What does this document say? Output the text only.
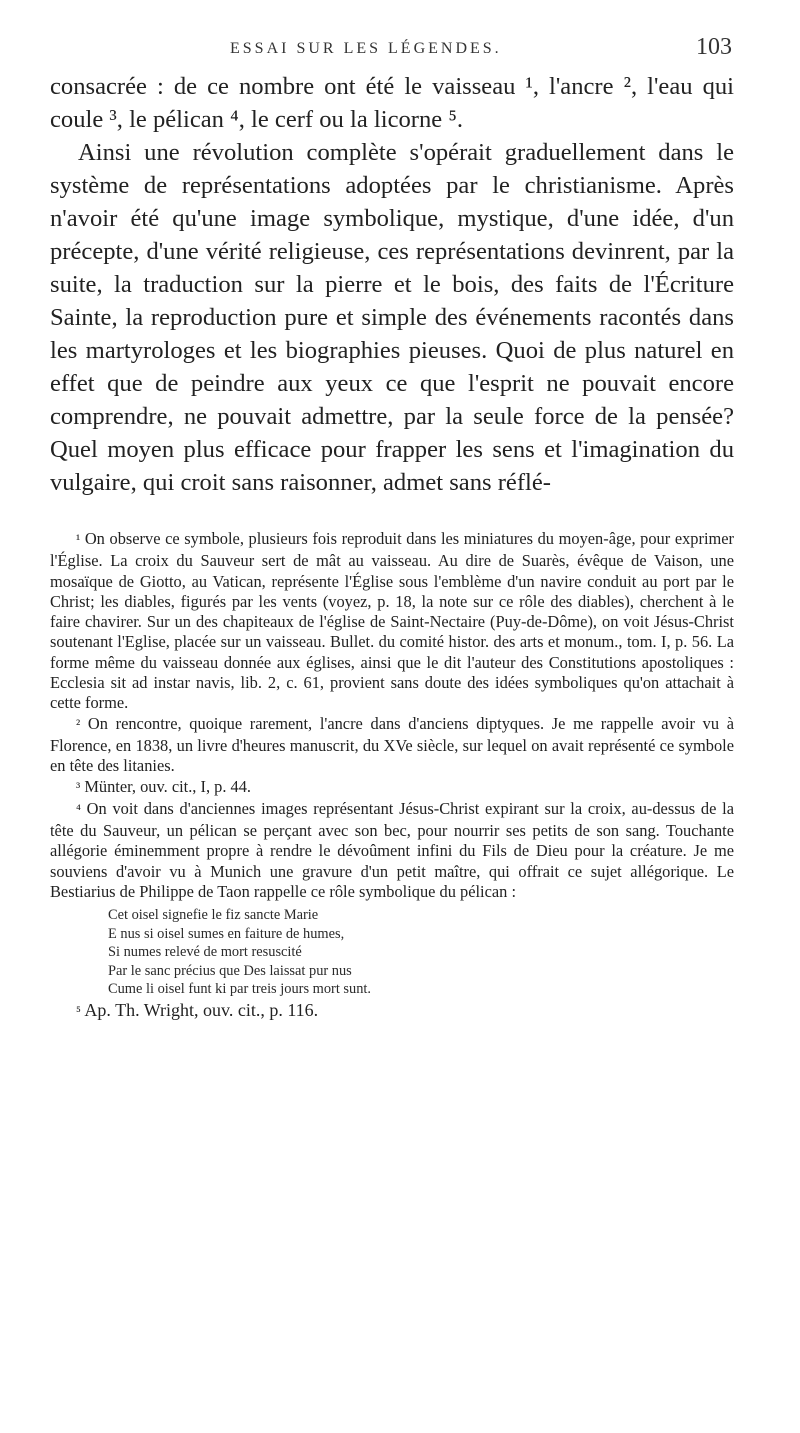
ESSAI SUR LES LÉGENDES.	103

consacrée : de ce nombre ont été le vaisseau ¹, l'ancre ², l'eau qui coule ³, le pélican ⁴, le cerf ou la licorne ⁵.

Ainsi une révolution complète s'opérait graduellement dans le système de représentations adoptées par le christianisme. Après n'avoir été qu'une image symbolique, mystique, d'une idée, d'un précepte, d'une vérité religieuse, ces représentations devinrent, par la suite, la traduction sur la pierre et le bois, des faits de l'Écriture Sainte, la reproduction pure et simple des événements racontés dans les martyrologes et les biographies pieuses. Quoi de plus naturel en effet que de peindre aux yeux ce que l'esprit ne pouvait encore comprendre, ne pouvait admettre, par la seule force de la pensée? Quel moyen plus efficace pour frapper les sens et l'imagination du vulgaire, qui croit sans raisonner, admet sans réflé-

¹ On observe ce symbole, plusieurs fois reproduit dans les miniatures du moyen-âge, pour exprimer l'Église. La croix du Sauveur sert de mât au vaisseau. Au dire de Suarès, évêque de Vaison, une mosaïque de Giotto, au Vatican, représente l'Église sous l'emblème d'un navire conduit au port par le Christ; les diables, figurés par les vents (voyez, p. 18, la note sur ce rôle des diables), cherchent à le faire chavirer. Sur un des chapiteaux de l'église de Saint-Nectaire (Puy-de-Dôme), on voit Jésus-Christ soutenant l'Eglise, placée sur un vaisseau. Bullet. du comité histor. des arts et monum., tom. I, p. 56. La forme même du vaisseau donnée aux églises, ainsi que le dit l'auteur des Constitutions apostoliques : Ecclesia sit ad instar navis, lib. 2, c. 61, provient sans doute des idées symboliques qu'on attachait à cette forme.

² On rencontre, quoique rarement, l'ancre dans d'anciens diptyques. Je me rappelle avoir vu à Florence, en 1838, un livre d'heures manuscrit, du XVe siècle, sur lequel on avait représenté ce symbole en tête des litanies.

³ Münter, ouv. cit., I, p. 44.

⁴ On voit dans d'anciennes images représentant Jésus-Christ expirant sur la croix, au-dessus de la tête du Sauveur, un pélican se perçant avec son bec, pour nourrir ses petits de son sang. Touchante allégorie éminemment propre à rendre le dévoûment infini du Fils de Dieu pour la créature. Je me souviens d'avoir vu à Munich une gravure d'un petit maître, qui offrait ce sujet allégorique. Le Bestiarius de Philippe de Taon rappelle ce rôle symbolique du pélican :

Cet oisel signefie le fiz sancte Marie
E nus si oisel sumes en faiture de humes,
Si numes relevé de mort resuscité
Par le sanc précius que Des laissat pur nus
Cume li oisel funt ki par treis jours mort sunt.

⁵ Ap. Th. Wright, ouv. cit., p. 116.
